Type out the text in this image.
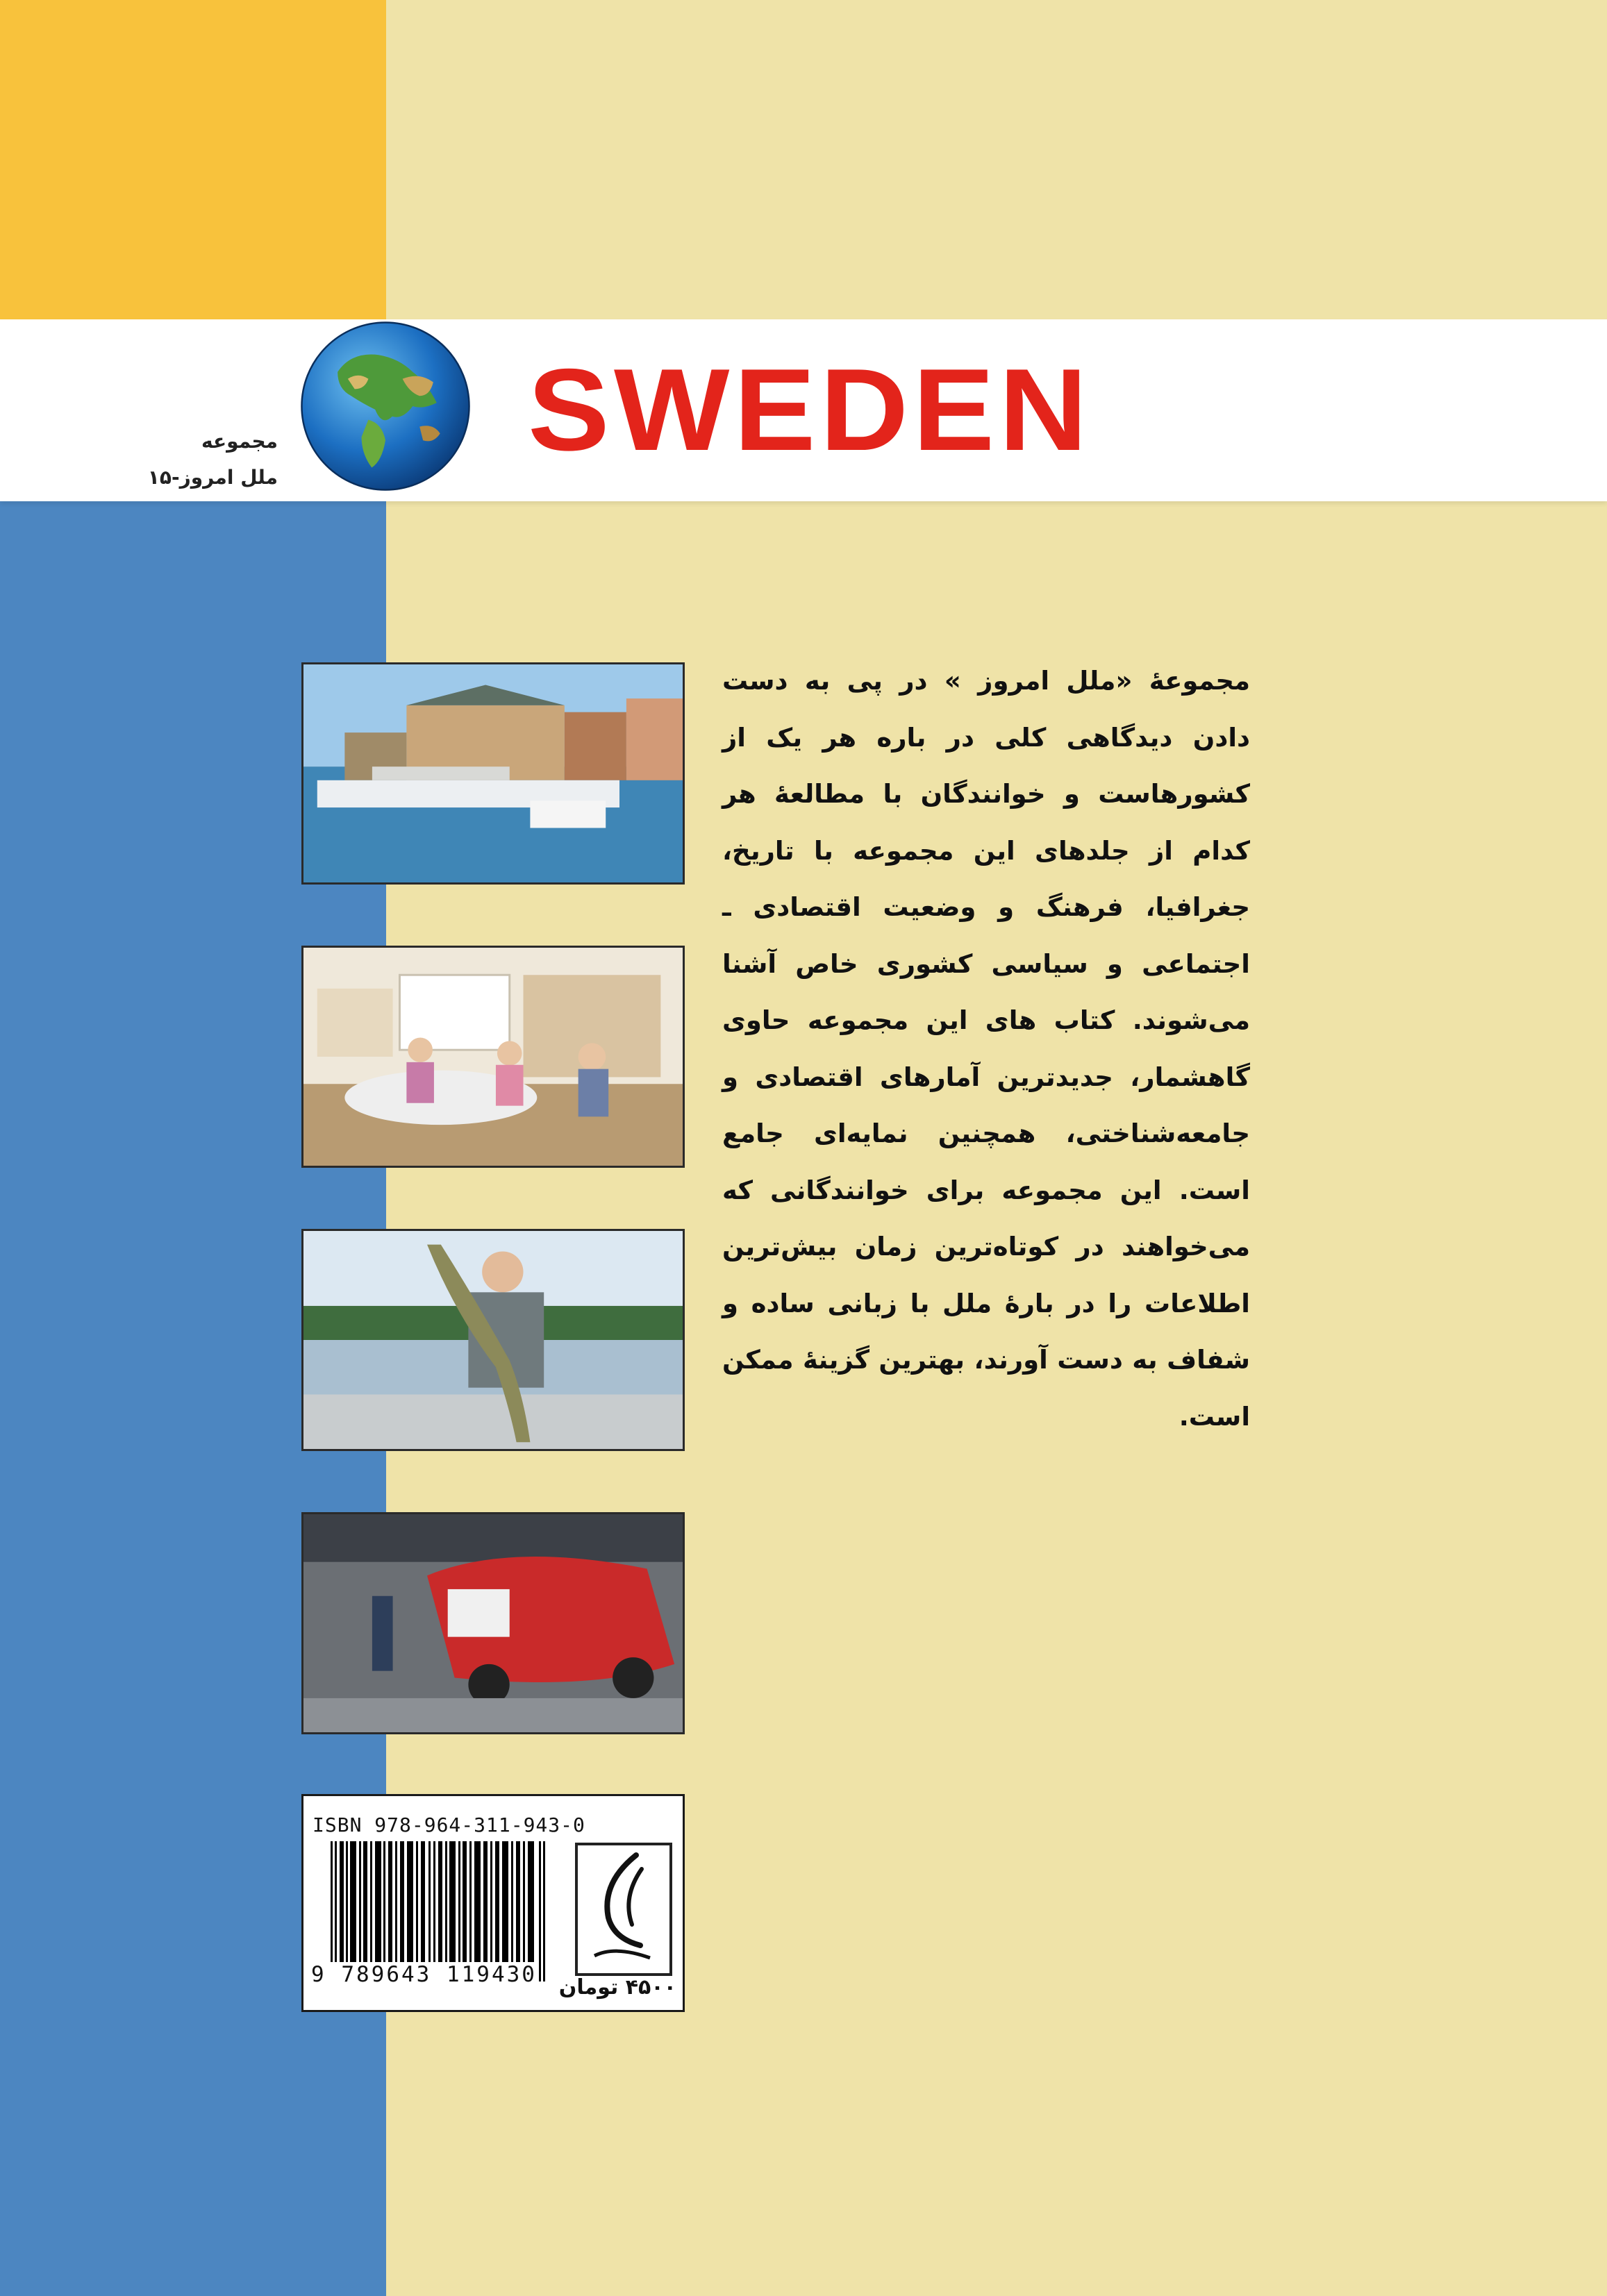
SWEDEN
مجموعه
ملل امروز-۱۵
مجموعهٔ «ملل امروز » در پی به دست دادن دیدگاهی کلی در باره هر یک از کشورهاست و خوانندگان با مطالعهٔ هر کدام از جلدهای این مجموعه با تاریخ، جغرافیا، فرهنگ و وضعیت اقتصادی ـ اجتماعی و سیاسی کشوری خاص آشنا می‌شوند. کتاب های این مجموعه حاوی گاهشمار، جدیدترین آمارهای اقتصادی و جامعه‌شناختی، همچنین نمایه‌ای جامع است. این مجموعه برای خوانندگانی که می‌خواهند در کوتاه‌ترین زمان بیش‌ترین اطلاعات را در بارهٔ ملل با زبانی ساده و شفاف به دست آورند، بهترین گزینهٔ ممکن است.
ISBN 978-964-311-943-0
9 789643 119430
۴۵۰۰ تومان
